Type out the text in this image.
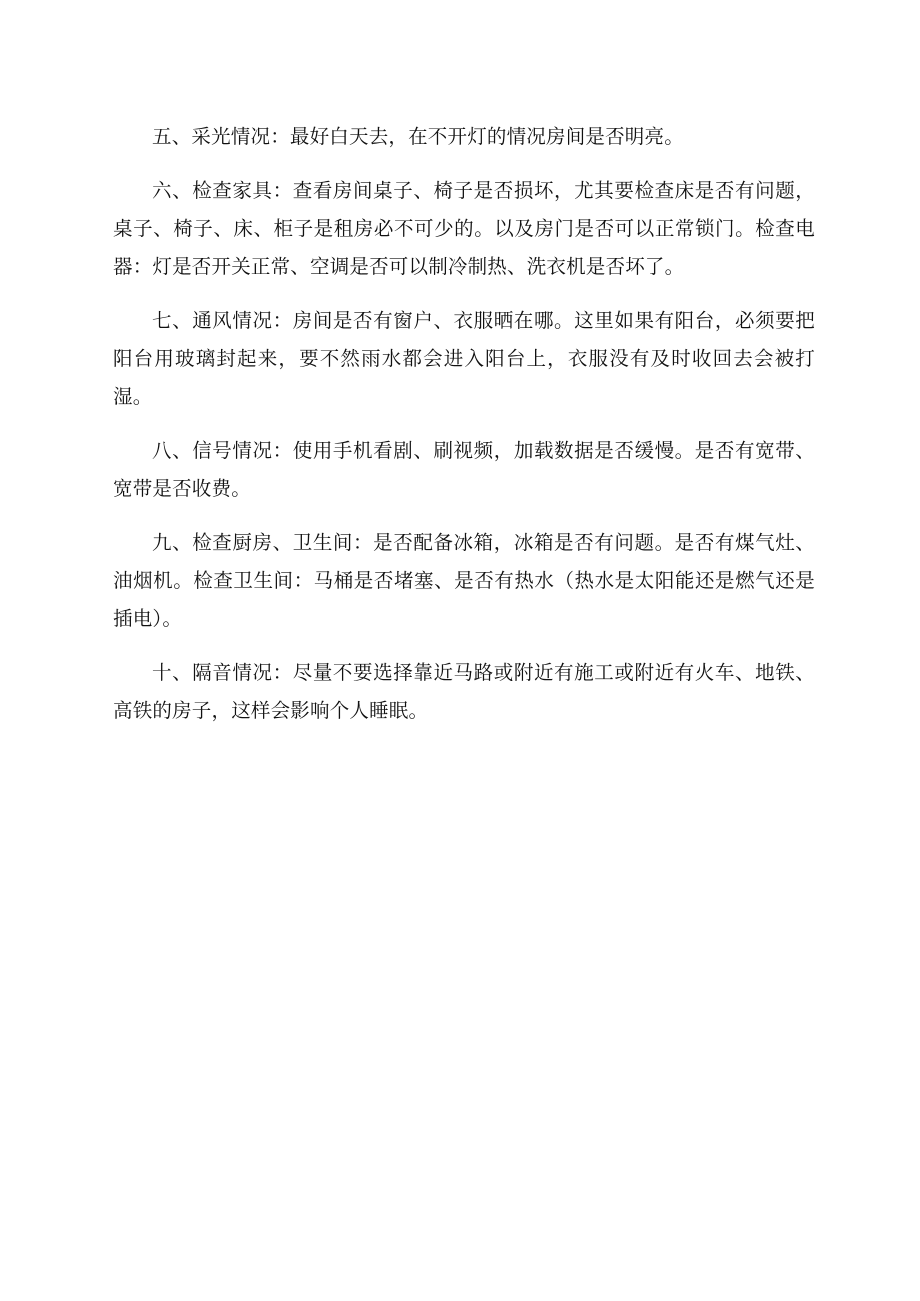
五、采光情况：最好白天去，在不开灯的情况房间是否明亮。

六、检查家具：查看房间桌子、椅子是否损坏，尤其要检查床是否有问题，桌子、椅子、床、柜子是租房必不可少的。以及房门是否可以正常锁门。检查电器：灯是否开关正常、空调是否可以制冷制热、洗衣机是否坏了。

七、通风情况：房间是否有窗户、衣服晒在哪。这里如果有阳台，必须要把阳台用玻璃封起来，要不然雨水都会进入阳台上，衣服没有及时收回去会被打湿。

八、信号情况：使用手机看剧、刷视频，加载数据是否缓慢。是否有宽带、宽带是否收费。

九、检查厨房、卫生间：是否配备冰箱，冰箱是否有问题。是否有煤气灶、油烟机。检查卫生间：马桶是否堵塞、是否有热水（热水是太阳能还是燃气还是插电）。

十、隔音情况：尽量不要选择靠近马路或附近有施工或附近有火车、地铁、高铁的房子，这样会影响个人睡眠。
